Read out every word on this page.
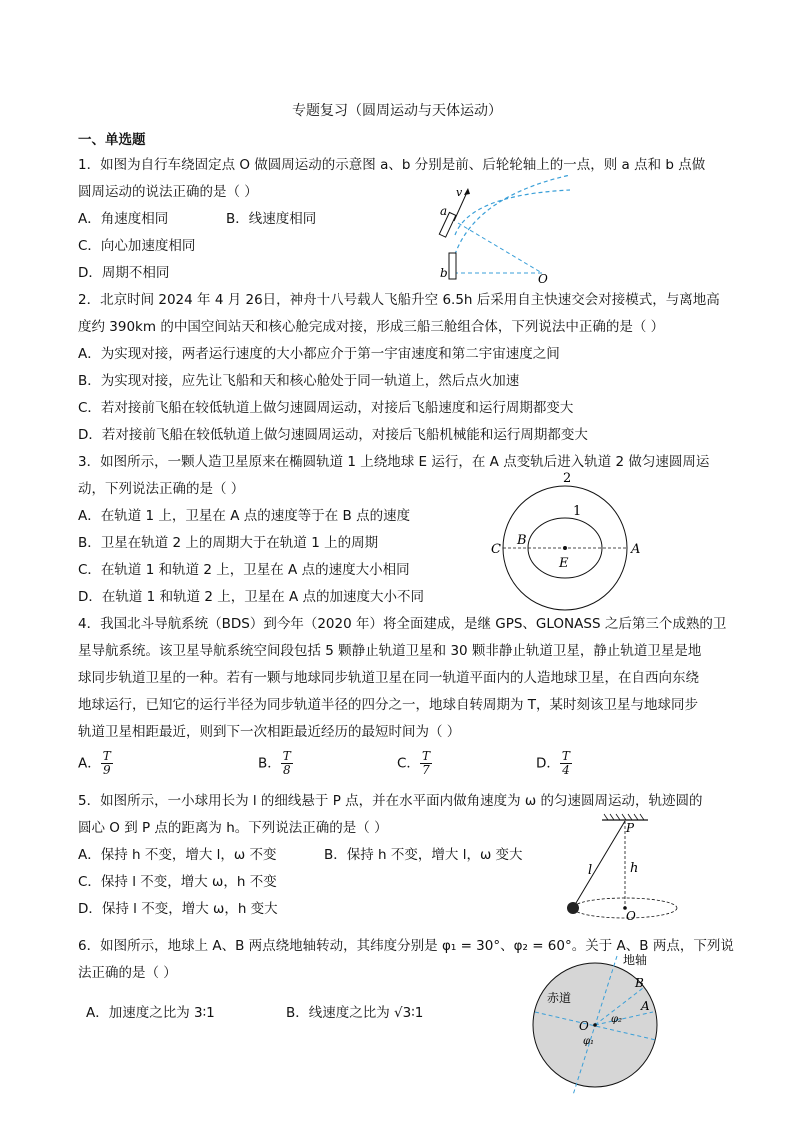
专题复习（圆周运动与天体运动）
一、单选题
1．如图为自行车绕固定点 O 做圆周运动的示意图 a、b 分别是前、后轮轮轴上的一点，则 a 点和 b 点做
圆周运动的说法正确的是（ ）
A．角速度相同	B．线速度相同
C．向心加速度相同
D．周期不相同
v
a
b	O
2．北京时间 2024 年 4 月 26日，神舟十八号载人飞船升空 6.5h 后采用自主快速交会对接模式，与离地高
度约 390km 的中国空间站天和核心舱完成对接，形成三船三舱组合体，下列说法中正确的是（ ）
A．为实现对接，两者运行速度的大小都应介于第一宇宙速度和第二宇宙速度之间
B．为实现对接，应先让飞船和天和核心舱处于同一轨道上，然后点火加速
C．若对接前飞船在较低轨道上做匀速圆周运动，对接后飞船速度和运行周期都变大
D．若对接前飞船在较低轨道上做匀速圆周运动，对接后飞船机械能和运行周期都变大
3．如图所示，一颗人造卫星原来在椭圆轨道 1 上绕地球 E 运行，在 A 点变轨后进入轨道 2 做匀速圆周运
动，下列说法正确的是（ ）
A．在轨道 1 上，卫星在 A 点的速度等于在 B 点的速度
B．卫星在轨道 2 上的周期大于在轨道 1 上的周期
C．在轨道 1 和轨道 2 上，卫星在 A 点的速度大小相同
D．在轨道 1 和轨道 2 上，卫星在 A 点的加速度大小不同
2
1
C
B
A
E
4．我国北斗导航系统（BDS）到今年（2020 年）将全面建成，是继 GPS、GLONASS 之后第三个成熟的卫
星导航系统。该卫星导航系统空间段包括 5 颗静止轨道卫星和 30 颗非静止轨道卫星，静止轨道卫星是地
球同步轨道卫星的一种。若有一颗与地球同步轨道卫星在同一轨道平面内的人造地球卫星，在自西向东绕
地球运行，已知它的运行半径为同步轨道半径的四分之一，地球自转周期为 T，某时刻该卫星与地球同步
轨道卫星相距最近，则到下一次相距最近经历的最短时间为（ ）
A． $\frac{T}{9}$	B． $\frac{T}{8}$	C． $\frac{T}{7}$	D． $\frac{T}{4}$
5．如图所示，一小球用长为 l 的细线悬于 P 点，并在水平面内做角速度为 ω 的匀速圆周运动，轨迹圆的
圆心 O 到 P 点的距离为 h。下列说法正确的是（ ）
A．保持 h 不变，增大 l，ω 不变	B．保持 h 不变，增大 l，ω 变大
C．保持 l 不变，增大 ω，h 不变
D．保持 l 不变，增大 ω，h 变大
P
l	h
O
6．如图所示，地球上 A、B 两点绕地轴转动，其纬度分别是 φ₁ = 30°、φ₂ = 60°。关于 A、B 两点，下列说
法正确的是（ ）
A．加速度之比为 3∶1	B．线速度之比为 √3∶1
地轴
赤道
B
A
O
φ₁
φ₂
